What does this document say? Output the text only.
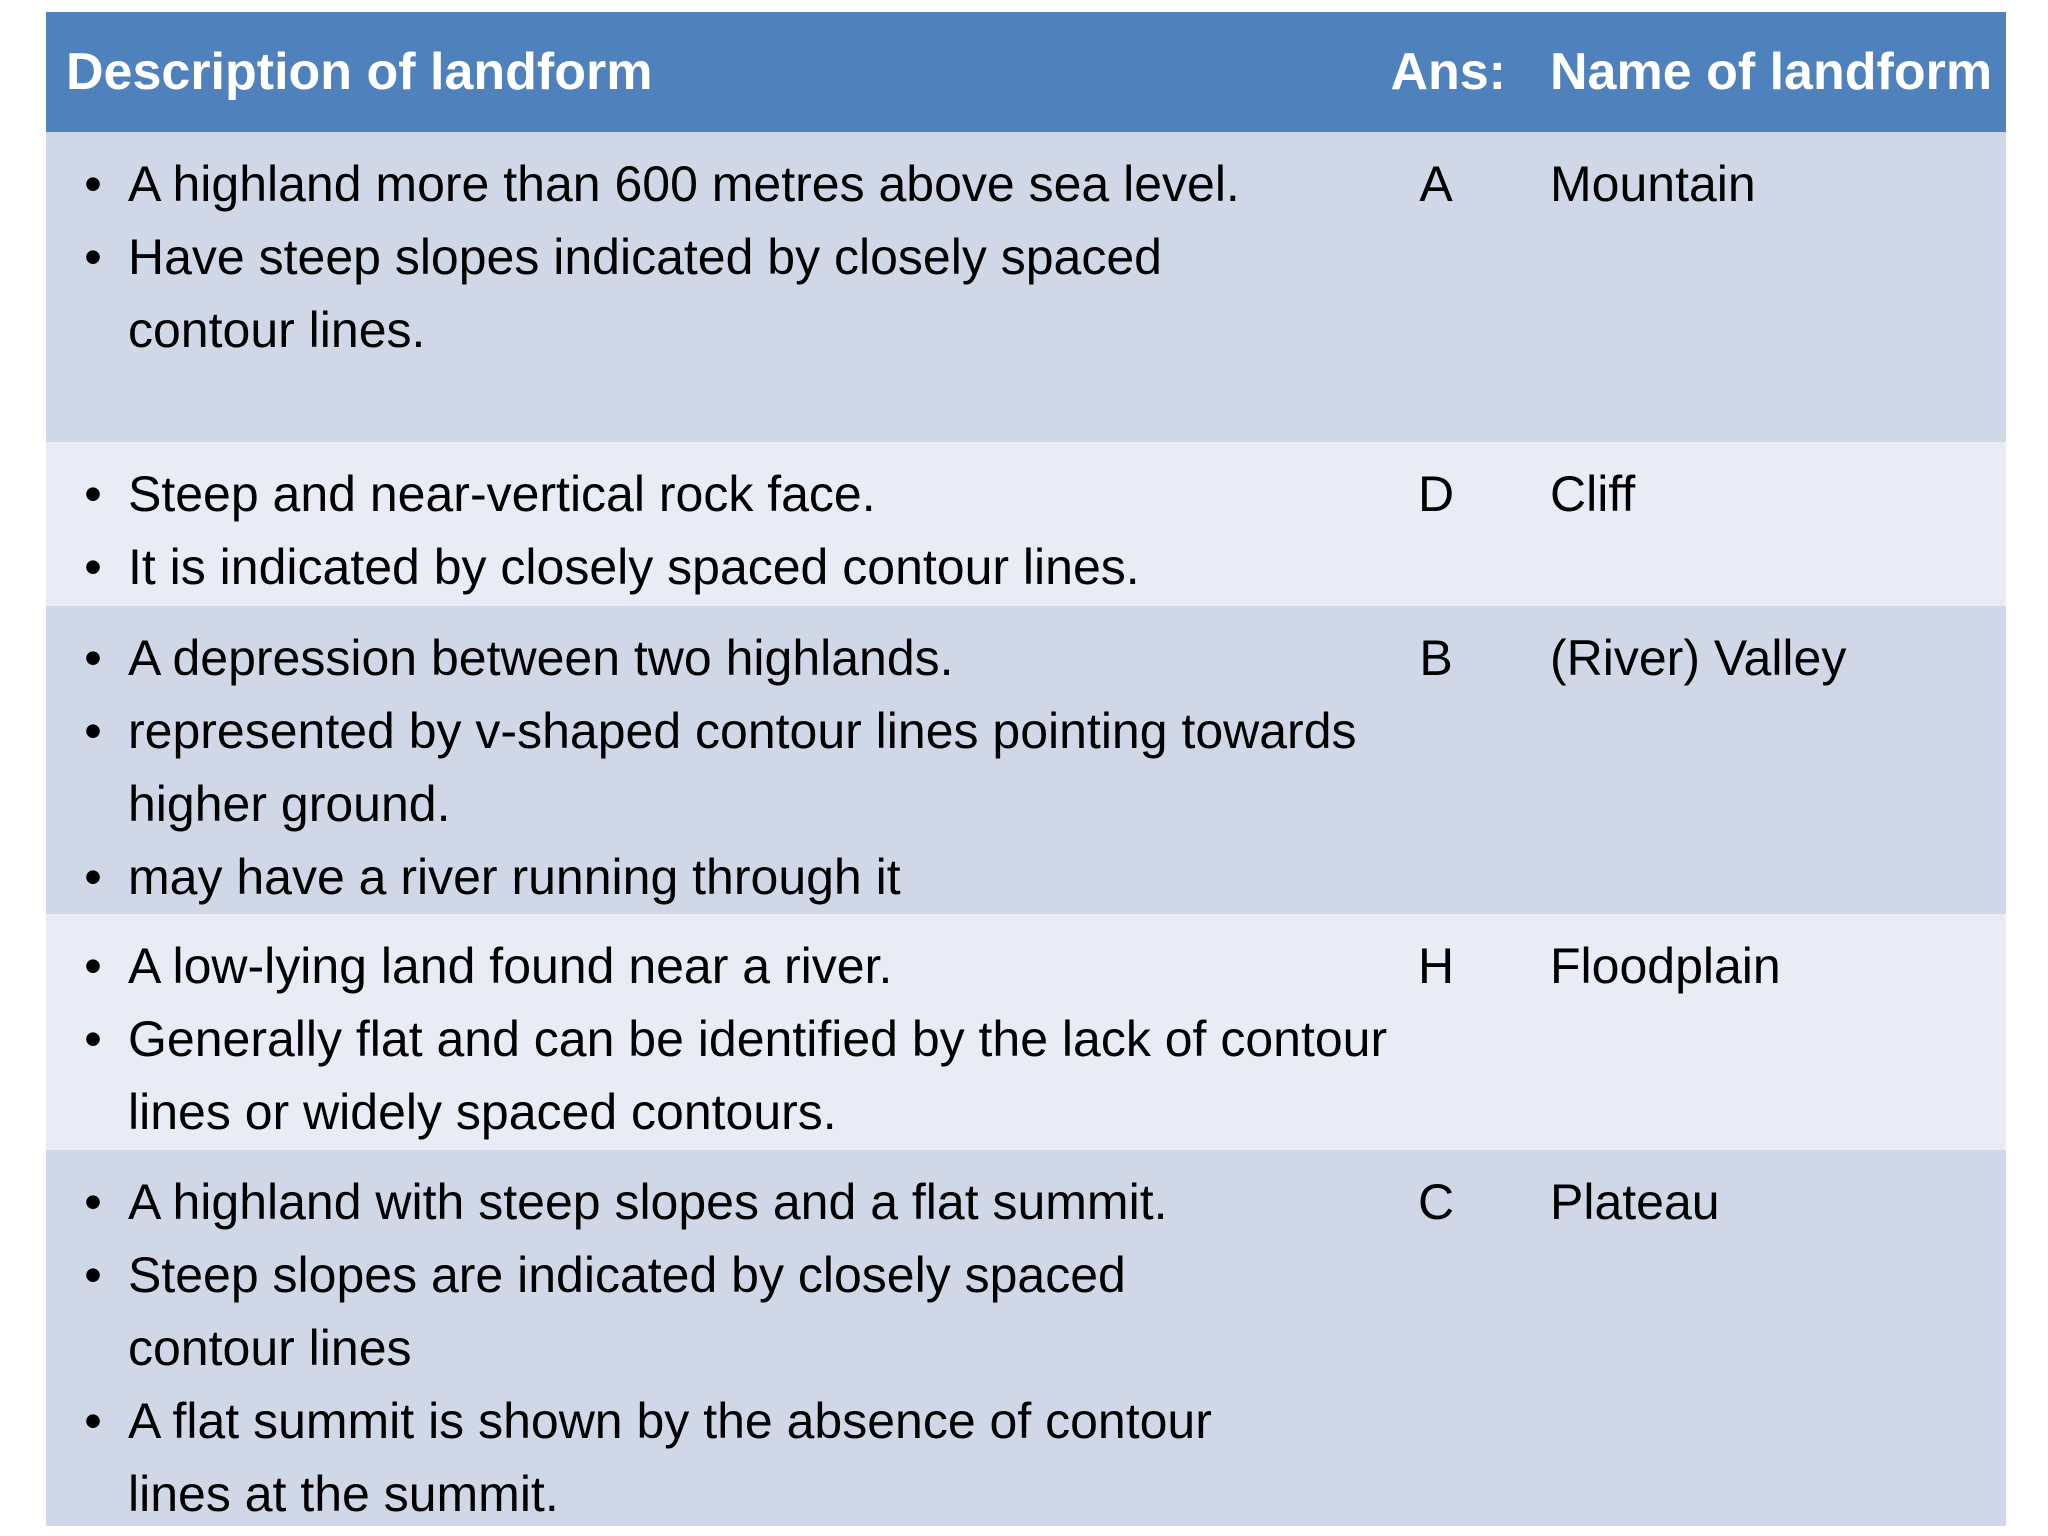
Description of landform	Ans: Name of landform
• A highland more than 600 metres above sea level.
• Have steep slopes indicated by closely spaced contour lines.
A	Mountain
• Steep and near-vertical rock face.
• It is indicated by closely spaced contour lines.
D	Cliff
• A depression between two highlands.
• represented by v-shaped contour lines pointing towards higher ground.
• may have a river running through it
B	(River) Valley
• A low-lying land found near a river.
• Generally flat and can be identified by the lack of contour lines or widely spaced contours.
H	Floodplain
• A highland with steep slopes and a flat summit.
• Steep slopes are indicated by closely spaced contour lines
• A flat summit is shown by the absence of contour lines at the summit.
C	Plateau
